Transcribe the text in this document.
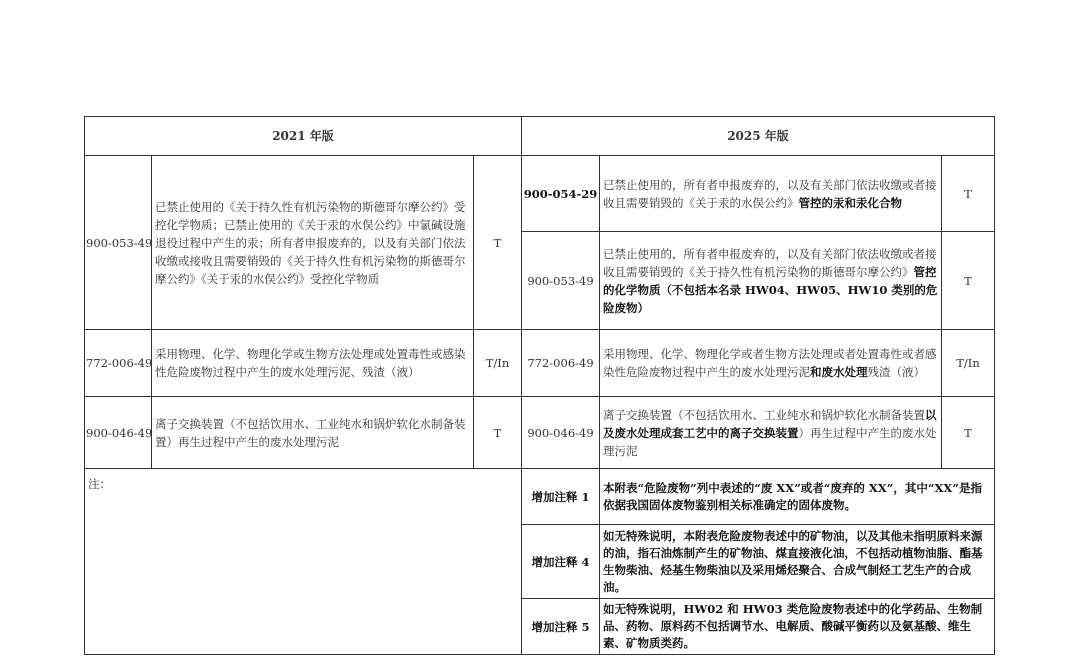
2021 年版			2025 年版		
900-053-49	已禁止使用的《关于持久性有机污染物的斯德哥尔摩公约》受控化学物质；已禁止使用的《关于汞的水俣公约》中氯碱设施退役过程中产生的汞；所有者申报废弃的，以及有关部门依法收缴或接收且需要销毁的《关于持久性有机污染物的斯德哥尔摩公约》《关于汞的水俣公约》受控化学物质	T	900-054-29	已禁止使用的，所有者申报废弃的，以及有关部门依法收缴或者接收且需要销毁的《关于汞的水俣公约》管控的汞和汞化合物	T
			900-053-49	已禁止使用的，所有者申报废弃的，以及有关部门依法收缴或者接收且需要销毁的《关于持久性有机污染物的斯德哥尔摩公约》管控的化学物质（不包括本名录 HW04、HW05、HW10 类别的危险废物）	T
772-006-49	采用物理、化学、物理化学或生物方法处理或处置毒性或感染性危险废物过程中产生的废水处理污泥、残渣（液）	T/In	772-006-49	采用物理、化学、物理化学或者生物方法处理或者处置毒性或者感染性危险废物过程中产生的废水处理污泥和废水处理残渣（液）	T/In
900-046-49	离子交换装置（不包括饮用水、工业纯水和锅炉软化水制备装置）再生过程中产生的废水处理污泥	T	900-046-49	离子交换装置（不包括饮用水、工业纯水和锅炉软化水制备装置以及废水处理成套工艺中的离子交换装置）再生过程中产生的废水处理污泥	T
注：			增加注释 1	本附表“危险废物”列中表述的“废 XX”或者“废弃的 XX”，其中“XX”是指依据我国固体废物鉴别相关标准确定的固体废物。	
			增加注释 4	如无特殊说明，本附表危险废物表述中的矿物油，以及其他未指明原料来源的油，指石油炼制产生的矿物油、煤直接液化油，不包括动植物油脂、酯基生物柴油、烃基生物柴油以及采用烯烃聚合、合成气制烃工艺生产的合成油。	
			增加注释 5	如无特殊说明，HW02 和 HW03 类危险废物表述中的化学药品、生物制品、药物、原料药不包括调节水、电解质、酸碱平衡药以及氨基酸、维生素、矿物质类药。	
